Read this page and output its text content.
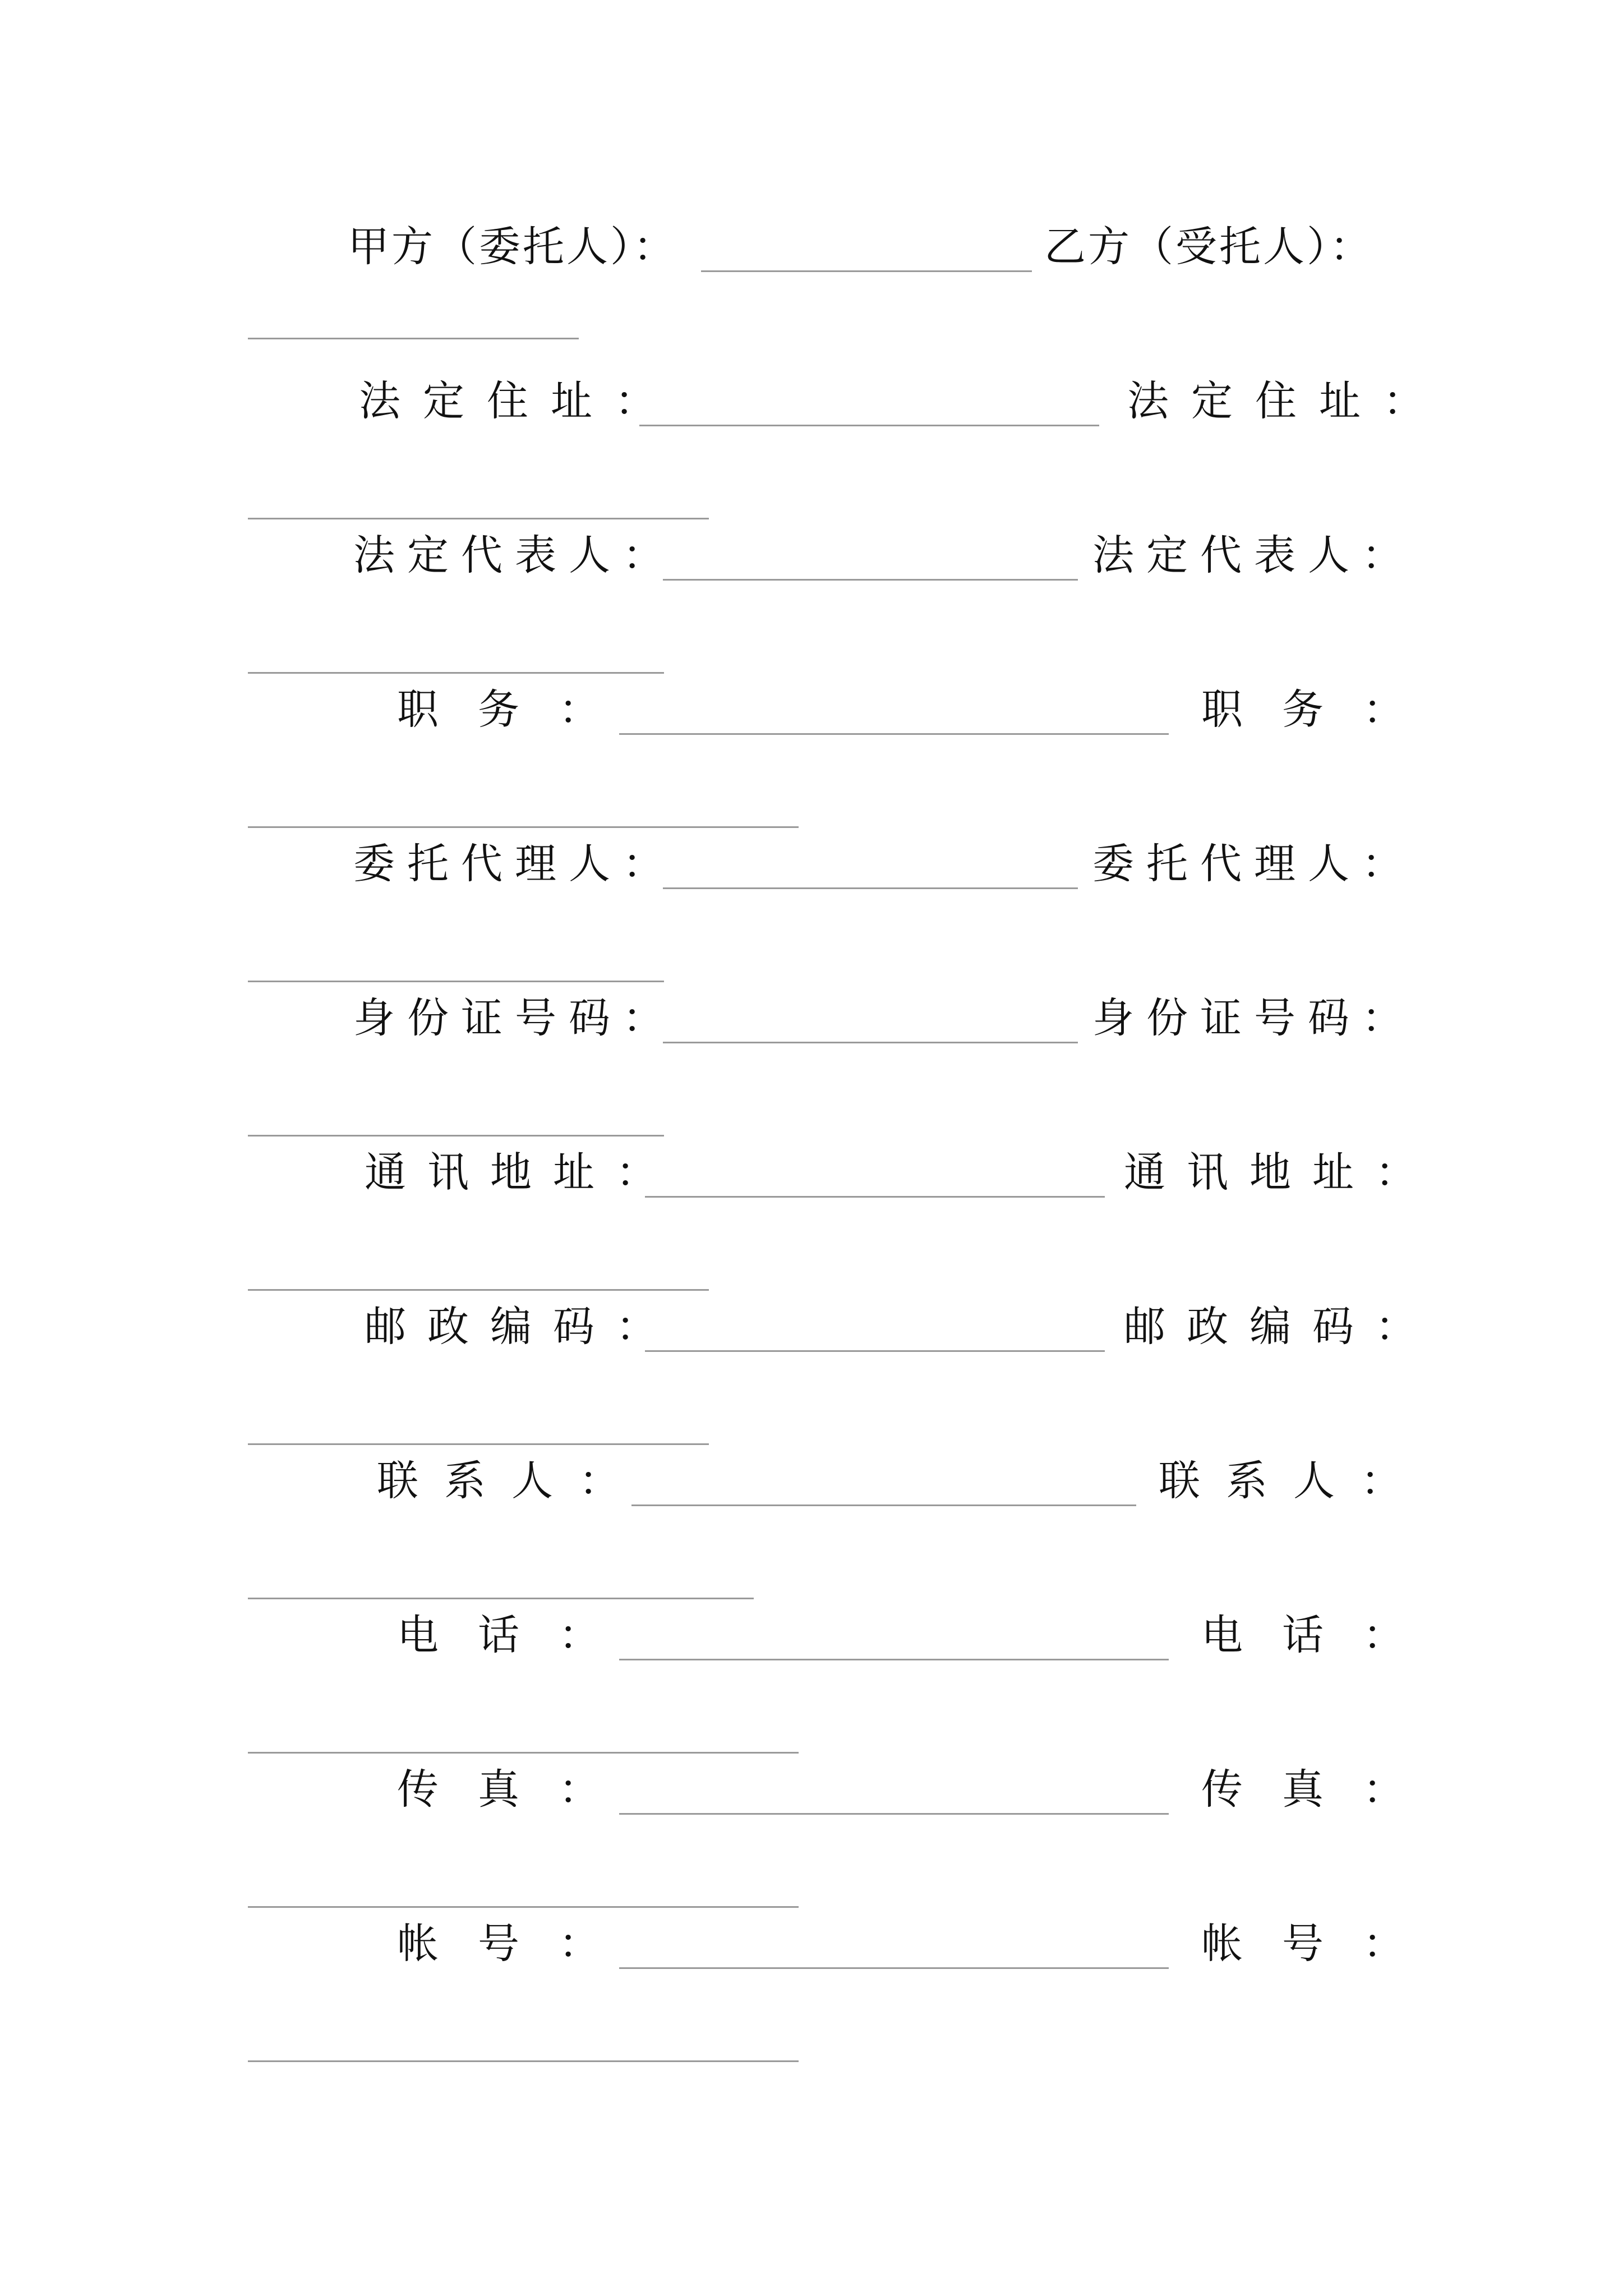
甲方（委托人）：	乙方（受托人）：
法定住址：	法定住址：
法定代表人：	法定代表人：
职务：	职务：
委托代理人：	委托代理人：
身份证号码：	身份证号码：
通讯地址：	通讯地址：
邮政编码：	邮政编码：
联系人：	联系人：
电话：	电话：
传真：	传真：
帐号：	帐号：
